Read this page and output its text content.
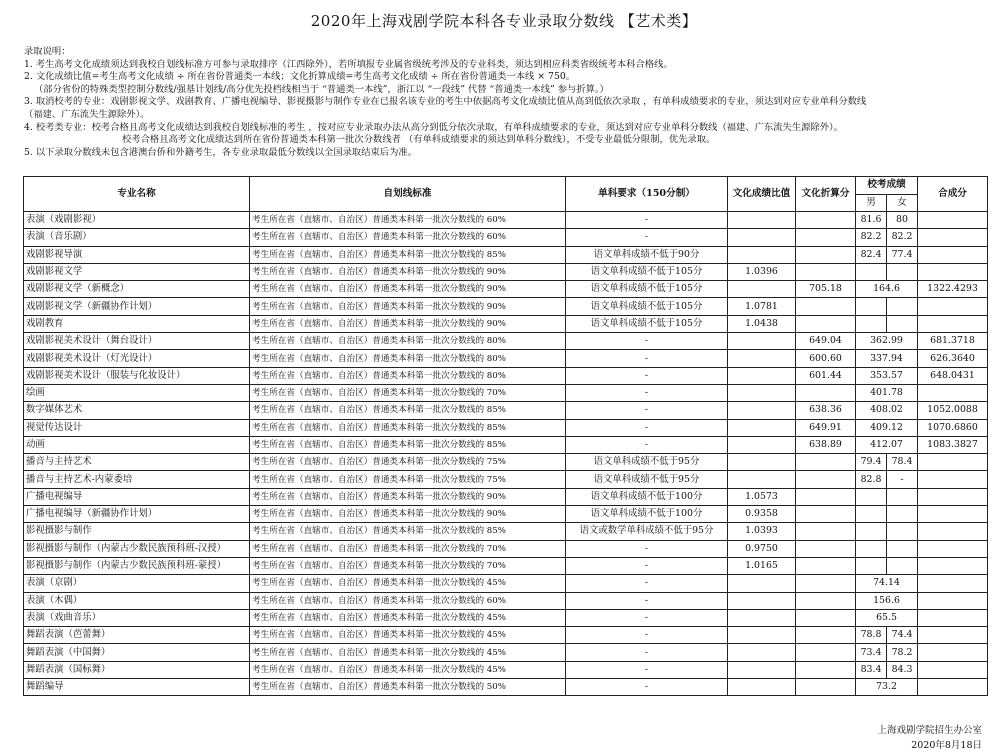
2020年上海戏剧学院本科各专业录取分数线 【艺术类】
录取说明：
1. 考生高考文化成绩须达到我校自划线标准方可参与录取排序（江西除外），若所填报专业属省级统考涉及的专业科类，须达到相应科类省级统考本科合格线。
2. 文化成绩比值=考生高考文化成绩 ÷ 所在省份普通类一本线；文化折算成绩=考生高考文化成绩 ÷ 所在省份普通类一本线 × 750。
（部分省份的特殊类型控制分数线/强基计划线/高分优先投档线相当于 “普通类一本线”，浙江以 “一段线” 代替 “普通类一本线” 参与折算。）
3. 取消校考的专业：戏剧影视文学、戏剧教育、广播电视编导、影视摄影与制作专业在已报名该专业的考生中依据高考文化成绩比值从高到低依次录取 ，有单科成绩要求的专业，须达到对应专业单科分数线
（福建、广东流失生源除外）。
4. 校考类专业：校考合格且高考文化成绩达到我校自划线标准的考生 ，按对应专业录取办法从高分到低分依次录取，有单科成绩要求的专业，须达到对应专业单科分数线（福建、广东流失生源除外）。
校考合格且高考文化成绩达到所在省份普通类本科第一批次分数线者 （有单科成绩要求的须达到单科分数线），不受专业最低分限制，优先录取。
5. 以下录取分数线未包含港澳台侨和外籍考生，各专业录取最低分数线以全国录取结束后为准。
专业名称	自划线标准	单科要求（150分制）	文化成绩比值	文化折算分	校考成绩		合成分
					男	女	
表演（戏剧影视）	考生所在省（直辖市、自治区）普通类本科第一批次分数线的 60%	-			81.6	80	
表演（音乐剧）	考生所在省（直辖市、自治区）普通类本科第一批次分数线的 60%	-			82.2	82.2	
戏剧影视导演	考生所在省（直辖市、自治区）普通类本科第一批次分数线的 85%	语文单科成绩不低于90分			82.4	77.4	
戏剧影视文学	考生所在省（直辖市、自治区）普通类本科第一批次分数线的 90%	语文单科成绩不低于105分	1.0396				
戏剧影视文学（新概念）	考生所在省（直辖市、自治区）普通类本科第一批次分数线的 90%	语文单科成绩不低于105分		705.18	164.6		1322.4293
戏剧影视文学（新疆协作计划）	考生所在省（直辖市、自治区）普通类本科第一批次分数线的 90%	语文单科成绩不低于105分	1.0781				
戏剧教育	考生所在省（直辖市、自治区）普通类本科第一批次分数线的 90%	语文单科成绩不低于105分	1.0438				
戏剧影视美术设计（舞台设计）	考生所在省（直辖市、自治区）普通类本科第一批次分数线的 80%	-		649.04	362.99		681.3718
戏剧影视美术设计（灯光设计）	考生所在省（直辖市、自治区）普通类本科第一批次分数线的 80%	-		600.60	337.94		626.3640
戏剧影视美术设计（服装与化妆设计）	考生所在省（直辖市、自治区）普通类本科第一批次分数线的 80%	-		601.44	353.57		648.0431
绘画	考生所在省（直辖市、自治区）普通类本科第一批次分数线的 70%	-			401.78		
数字媒体艺术	考生所在省（直辖市、自治区）普通类本科第一批次分数线的 85%	-		638.36	408.02		1052.0088
视觉传达设计	考生所在省（直辖市、自治区）普通类本科第一批次分数线的 85%	-		649.91	409.12		1070.6860
动画	考生所在省（直辖市、自治区）普通类本科第一批次分数线的 85%	-		638.89	412.07		1083.3827
播音与主持艺术	考生所在省（直辖市、自治区）普通类本科第一批次分数线的 75%	语文单科成绩不低于95分			79.4	78.4	
播音与主持艺术-内蒙委培	考生所在省（直辖市、自治区）普通类本科第一批次分数线的 75%	语文单科成绩不低于95分			82.8	-	
广播电视编导	考生所在省（直辖市、自治区）普通类本科第一批次分数线的 90%	语文单科成绩不低于100分	1.0573				
广播电视编导（新疆协作计划）	考生所在省（直辖市、自治区）普通类本科第一批次分数线的 90%	语文单科成绩不低于100分	0.9358				
影视摄影与制作	考生所在省（直辖市、自治区）普通类本科第一批次分数线的 85%	语文或数学单科成绩不低于95分	1.0393				
影视摄影与制作（内蒙古少数民族预科班-汉授）	考生所在省（直辖市、自治区）普通类本科第一批次分数线的 70%	-	0.9750				
影视摄影与制作（内蒙古少数民族预科班-蒙授）	考生所在省（直辖市、自治区）普通类本科第一批次分数线的 70%	-	1.0165				
表演（京剧）	考生所在省（直辖市、自治区）普通类本科第一批次分数线的 45%	-			74.14		
表演（木偶）	考生所在省（直辖市、自治区）普通类本科第一批次分数线的 60%	-			156.6		
表演（戏曲音乐）	考生所在省（直辖市、自治区）普通类本科第一批次分数线的 45%	-			65.5		
舞蹈表演（芭蕾舞）	考生所在省（直辖市、自治区）普通类本科第一批次分数线的 45%	-			78.8	74.4	
舞蹈表演（中国舞）	考生所在省（直辖市、自治区）普通类本科第一批次分数线的 45%	-			73.4	78.2	
舞蹈表演（国标舞）	考生所在省（直辖市、自治区）普通类本科第一批次分数线的 45%	-			83.4	84.3	
舞蹈编导	考生所在省（直辖市、自治区）普通类本科第一批次分数线的 50%	-			73.2		
上海戏剧学院招生办公室
2020年8月18日
